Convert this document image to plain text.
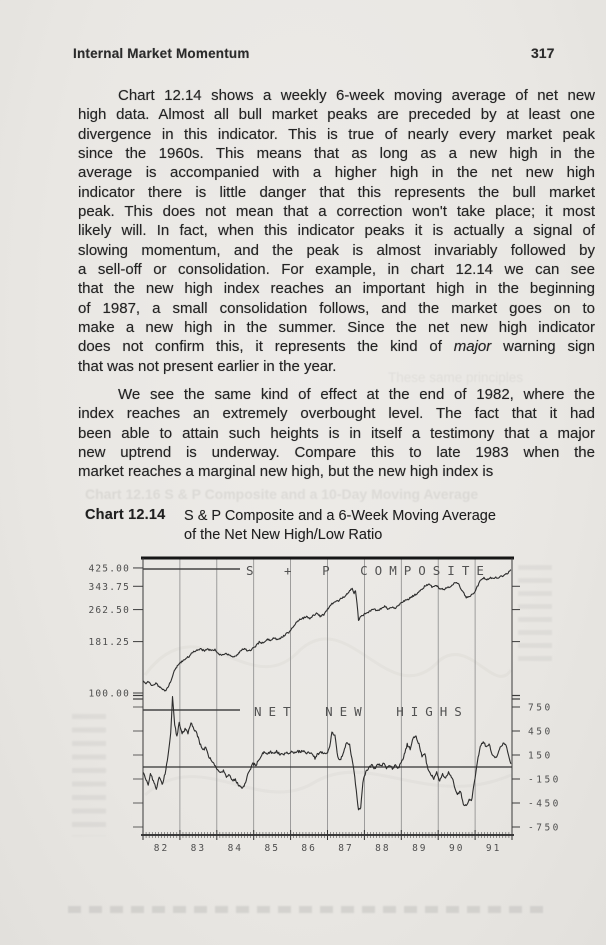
Internal Market Momentum	317
Chart 12.14 shows a weekly 6-week moving average of net new
high data. Almost all bull market peaks are preceded by at least one
divergence in this indicator. This is true of nearly every market peak
since the 1960s. This means that as long as a new high in the
average is accompanied with a higher high in the net new high
indicator there is little danger that this represents the bull market
peak. This does not mean that a correction won't take place; it most
likely will. In fact, when this indicator peaks it is actually a signal of
slowing momentum, and the peak is almost invariably followed by
a sell-off or consolidation. For example, in chart 12.14 we can see
that the new high index reaches an important high in the beginning
of 1987, a small consolidation follows, and the market goes on to
make a new high in the summer. Since the net new high indicator
does not confirm this, it represents the kind of major warning sign
that was not present earlier in the year.
We see the same kind of effect at the end of 1982, where the
index reaches an extremely overbought level. The fact that it had
been able to attain such heights is in itself a testimony that a major
new uptrend is underway. Compare this to late 1983 when the
market reaches a marginal new high, but the new high index is
These same principles
Chart 12.16 S & P Composite and a 10-Day Moving Average
Chart 12.14 S & P Composite and a 6-Week Moving Average
of the Net New High/Low Ratio
425.00
343.75
262.50
181.25
100.00
750
450
150
-150
-450
-750
S + P COMPOSITE
NET NEW HIGHS
82 83 84 85 86 87 88 89 90 91
